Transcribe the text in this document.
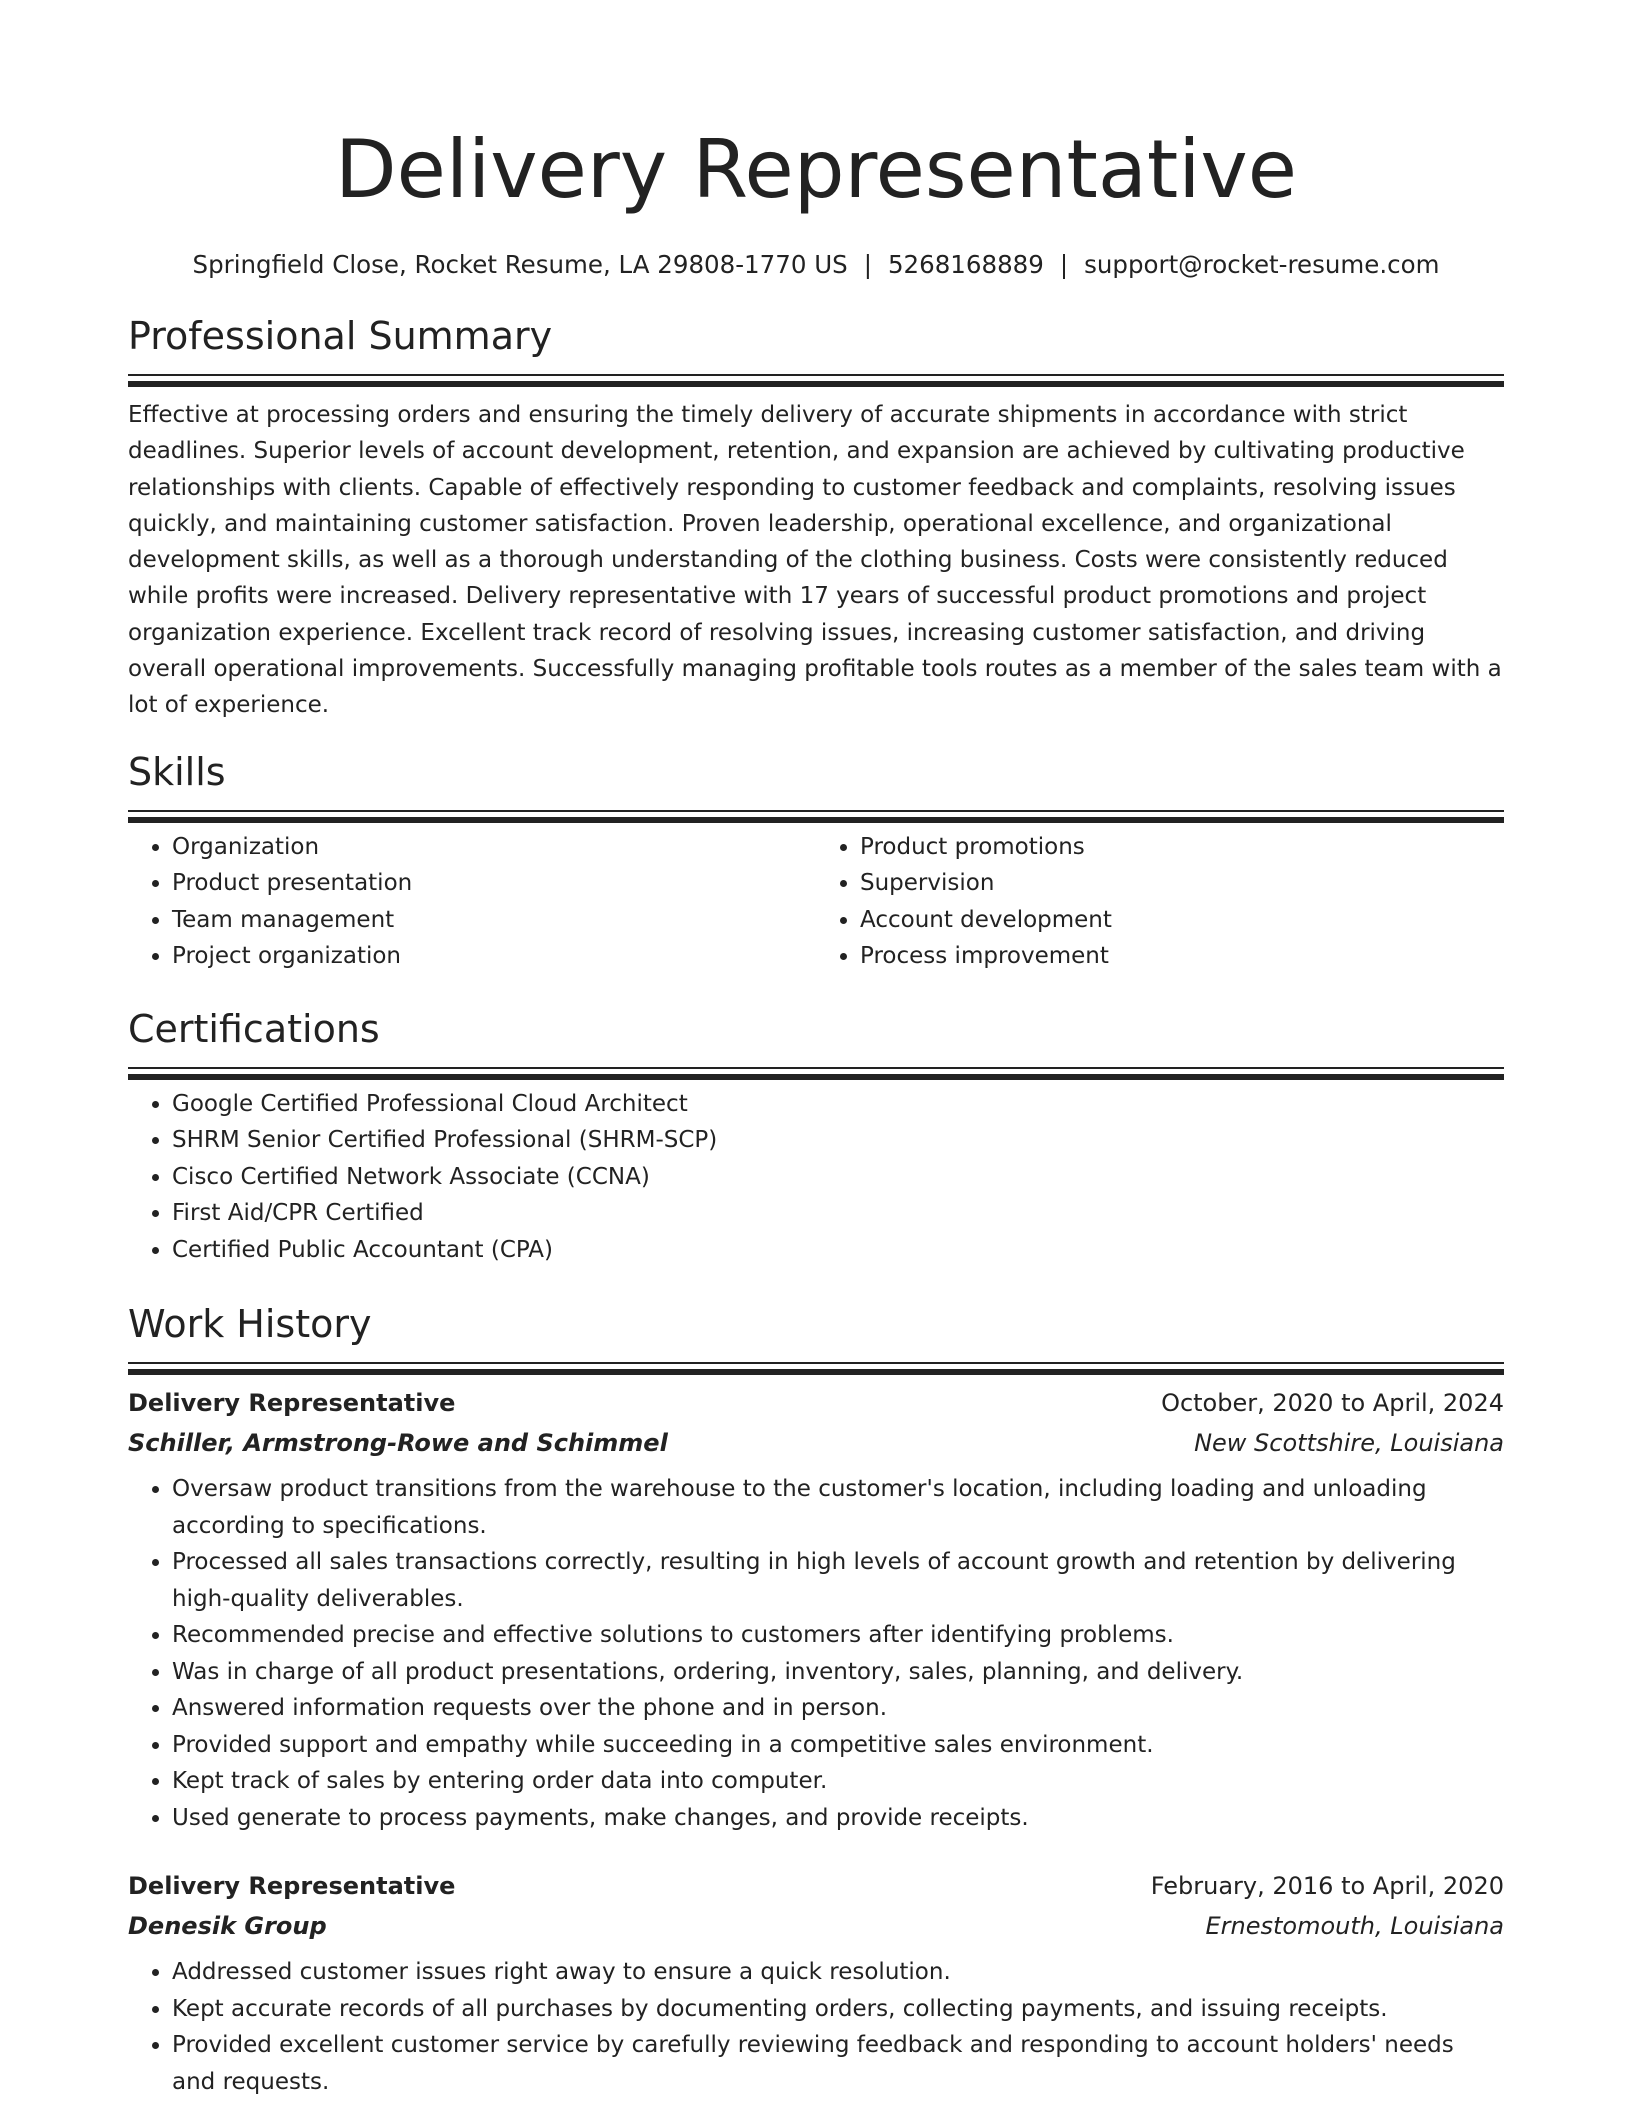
Delivery Representative
Springfield Close, Rocket Resume, LA 29808-1770 US | 5268168889 | support@rocket-resume.com
Professional Summary

Effective at processing orders and ensuring the timely delivery of accurate shipments in accordance with strict deadlines. Superior levels of account development, retention, and expansion are achieved by cultivating productive relationships with clients. Capable of effectively responding to customer feedback and complaints, resolving issues quickly, and maintaining customer satisfaction. Proven leadership, operational excellence, and organizational development skills, as well as a thorough understanding of the clothing business. Costs were consistently reduced while profits were increased. Delivery representative with 17 years of successful product promotions and project organization experience. Excellent track record of resolving issues, increasing customer satisfaction, and driving overall operational improvements. Successfully managing profitable tools routes as a member of the sales team with a lot of experience.

Skills
• Organization
• Product presentation
• Team management
• Project organization
• Product promotions
• Supervision
• Account development
• Process improvement
Certifications
• Google Certified Professional Cloud Architect
• SHRM Senior Certified Professional (SHRM-SCP)
• Cisco Certified Network Associate (CCNA)
• First Aid/CPR Certified
• Certified Public Accountant (CPA)
Work History
Delivery Representative	October, 2020 to April, 2024
Schiller, Armstrong-Rowe and Schimmel	New Scottshire, Louisiana
• Oversaw product transitions from the warehouse to the customer's location, including loading and unloading according to specifications.
• Processed all sales transactions correctly, resulting in high levels of account growth and retention by delivering high-quality deliverables.
• Recommended precise and effective solutions to customers after identifying problems.
• Was in charge of all product presentations, ordering, inventory, sales, planning, and delivery.
• Answered information requests over the phone and in person.
• Provided support and empathy while succeeding in a competitive sales environment.
• Kept track of sales by entering order data into computer.
• Used generate to process payments, make changes, and provide receipts.
Delivery Representative	February, 2016 to April, 2020
Denesik Group	Ernestomouth, Louisiana
• Addressed customer issues right away to ensure a quick resolution.
• Kept accurate records of all purchases by documenting orders, collecting payments, and issuing receipts.
• Provided excellent customer service by carefully reviewing feedback and responding to account holders' needs and requests.
